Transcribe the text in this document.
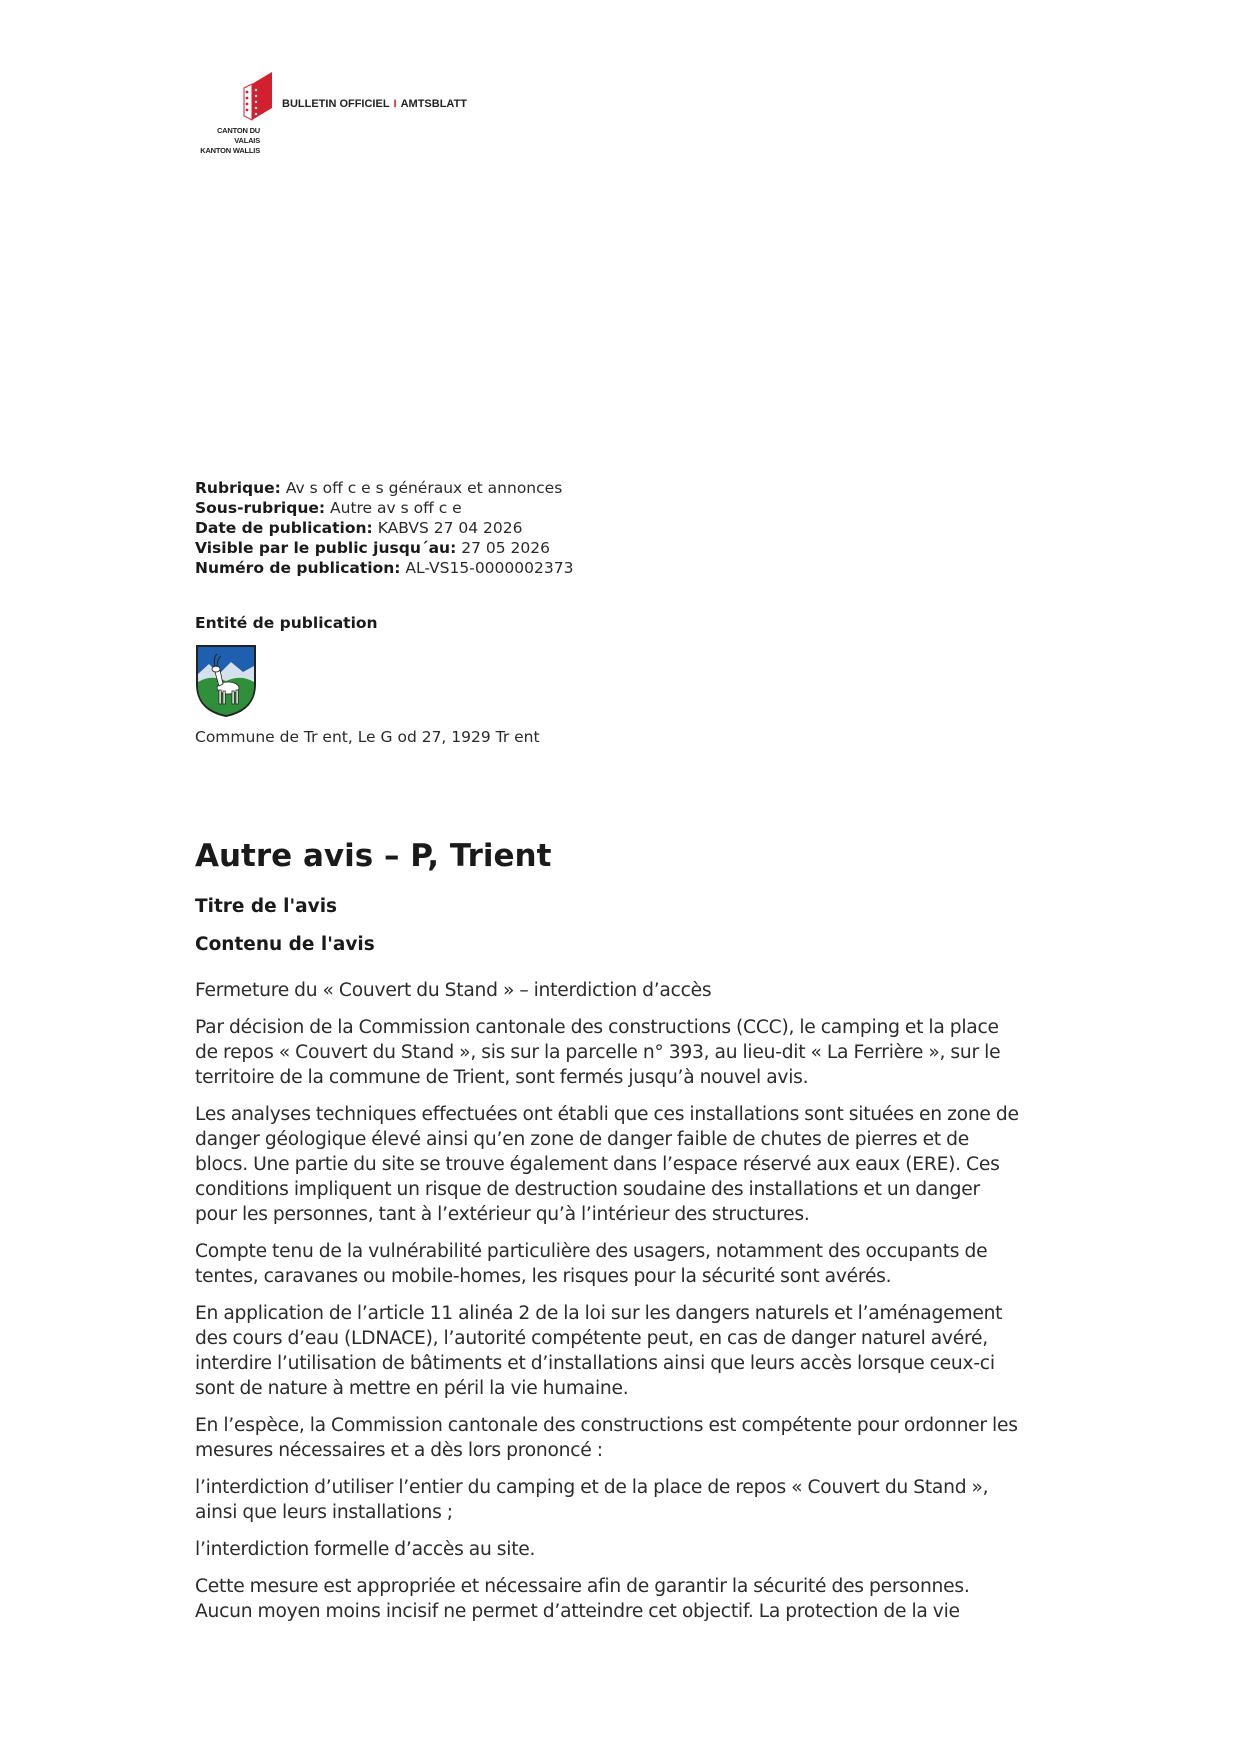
CANTON DU VALAIS
KANTON WALLIS
BULLETIN OFFICIEL I AMTSBLATT
Rubrique: Av s off c e s généraux et annonces
Sous-rubrique: Autre av s off c e
Date de publication: KABVS 27 04 2026
Visible par le public jusqu´au: 27 05 2026
Numéro de publication: AL-VS15-0000002373
Entité de publication
Commune de Tr ent, Le G od 27, 1929 Tr ent
Autre avis – P, Trient
Titre de l'avis
Contenu de l'avis

Fermeture du « Couvert du Stand » – interdiction d’accès

Par décision de la Commission cantonale des constructions (CCC), le camping et la place de repos « Couvert du Stand », sis sur la parcelle n° 393, au lieu-dit « La Ferrière », sur le territoire de la commune de Trient, sont fermés jusqu’à nouvel avis.

Les analyses techniques effectuées ont établi que ces installations sont situées en zone de danger géologique élevé ainsi qu’en zone de danger faible de chutes de pierres et de blocs. Une partie du site se trouve également dans l’espace réservé aux eaux (ERE). Ces conditions impliquent un risque de destruction soudaine des installations et un danger pour les personnes, tant à l’extérieur qu’à l’intérieur des structures.

Compte tenu de la vulnérabilité particulière des usagers, notamment des occupants de tentes, caravanes ou mobile-homes, les risques pour la sécurité sont avérés.

En application de l’article 11 alinéa 2 de la loi sur les dangers naturels et l’aménagement des cours d’eau (LDNACE), l’autorité compétente peut, en cas de danger naturel avéré, interdire l’utilisation de bâtiments et d’installations ainsi que leurs accès lorsque ceux-ci sont de nature à mettre en péril la vie humaine.

En l’espèce, la Commission cantonale des constructions est compétente pour ordonner les mesures nécessaires et a dès lors prononcé :

l’interdiction d’utiliser l’entier du camping et de la place de repos « Couvert du Stand », ainsi que leurs installations ;

l’interdiction formelle d’accès au site.

Cette mesure est appropriée et nécessaire afin de garantir la sécurité des personnes. Aucun moyen moins incisif ne permet d’atteindre cet objectif. La protection de la vie
